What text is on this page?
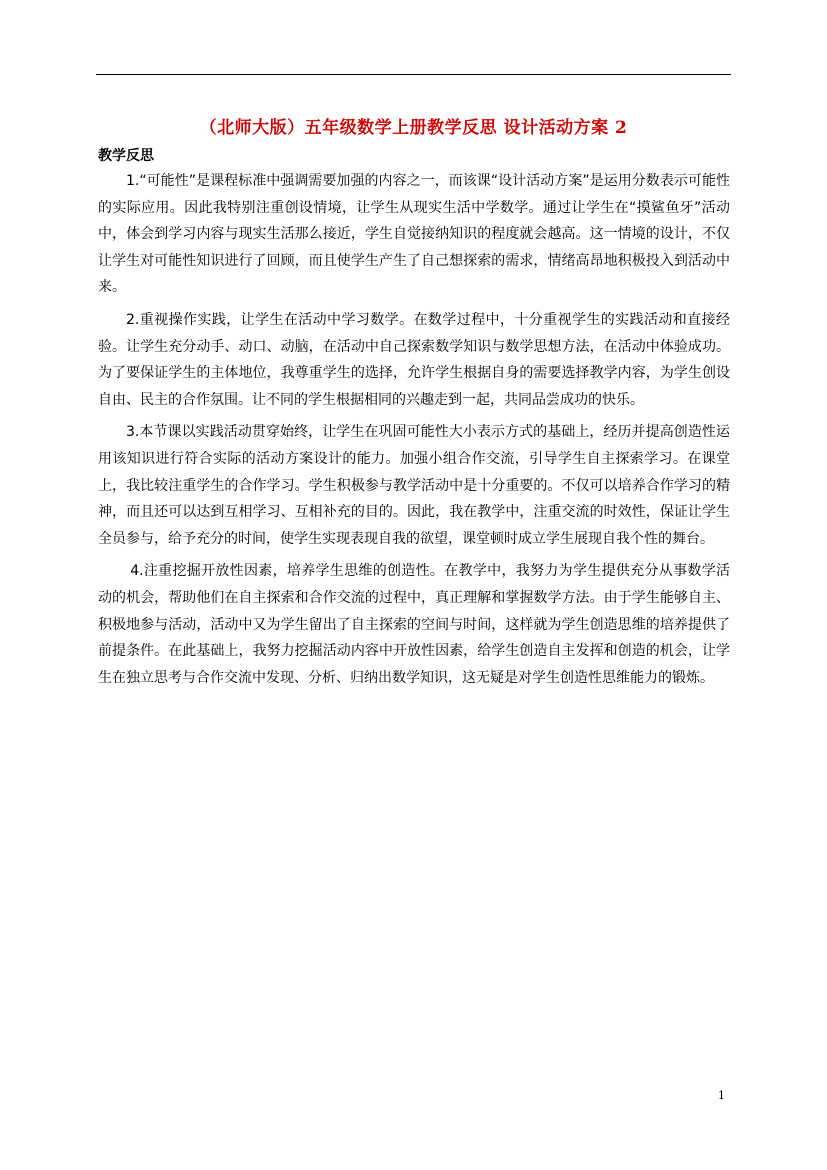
（北师大版）五年级数学上册教学反思 设计活动方案 2
教学反思

1.“可能性”是课程标准中强调需要加强的内容之一，而该课“设计活动方案”是运用分数表示可能性的实际应用。因此我特别注重创设情境，让学生从现实生活中学数学。通过让学生在“摸鲨鱼牙”活动中，体会到学习内容与现实生活那么接近，学生自觉接纳知识的程度就会越高。这一情境的设计，不仅让学生对可能性知识进行了回顾，而且使学生产生了自己想探索的需求，情绪高昂地积极投入到活动中来。

2.重视操作实践，让学生在活动中学习数学。在数学过程中，十分重视学生的实践活动和直接经验。让学生充分动手、动口、动脑，在活动中自己探索数学知识与数学思想方法，在活动中体验成功。为了要保证学生的主体地位，我尊重学生的选择，允许学生根据自身的需要选择教学内容，为学生创设自由、民主的合作氛围。让不同的学生根据相同的兴趣走到一起，共同品尝成功的快乐。

3.本节课以实践活动贯穿始终，让学生在巩固可能性大小表示方式的基础上，经历并提高创造性运用该知识进行符合实际的活动方案设计的能力。加强小组合作交流，引导学生自主探索学习。在课堂上，我比较注重学生的合作学习。学生积极参与教学活动中是十分重要的。不仅可以培养合作学习的精神，而且还可以达到互相学习、互相补充的目的。因此，我在教学中，注重交流的时效性，保证让学生全员参与，给予充分的时间，使学生实现表现自我的欲望，课堂顿时成立学生展现自我个性的舞台。

4.注重挖掘开放性因素，培养学生思维的创造性。在教学中，我努力为学生提供充分从事数学活动的机会，帮助他们在自主探索和合作交流的过程中，真正理解和掌握数学方法。由于学生能够自主、积极地参与活动，活动中又为学生留出了自主探索的空间与时间，这样就为学生创造思维的培养提供了前提条件。在此基础上，我努力挖掘活动内容中开放性因素，给学生创造自主发挥和创造的机会，让学生在独立思考与合作交流中发现、分析、归纳出数学知识，这无疑是对学生创造性思维能力的锻炼。

1
